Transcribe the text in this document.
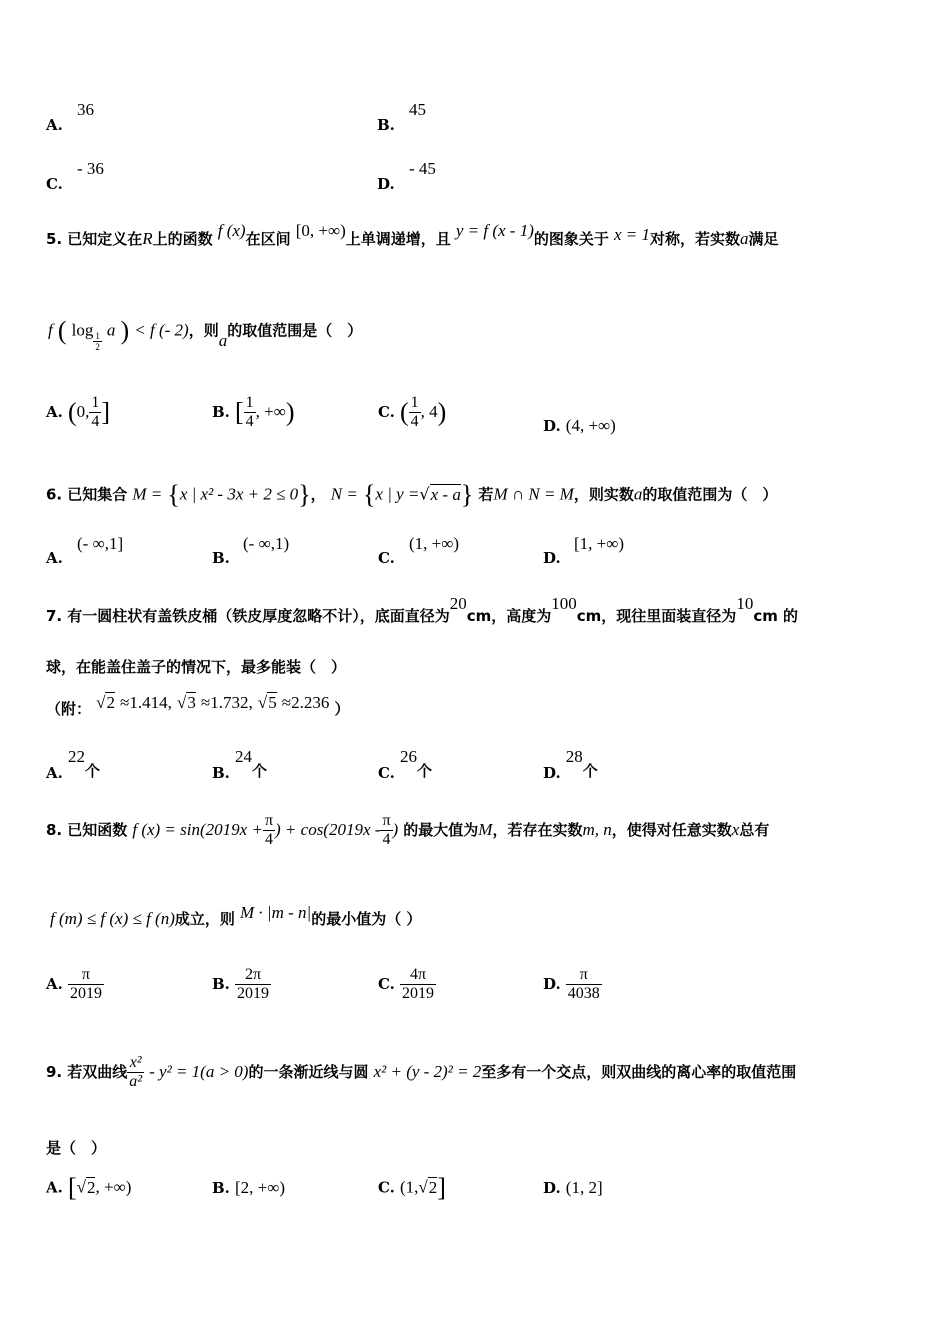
A.
36
B.
45
C.
- 36
D.
- 45
5. 已知定义在R上的函数 f (x)在区间 [0, +∞)上单调递增，且 y = f (x - 1)的图象关于 x = 1对称，若实数a满足
f ( log
$\frac{1}{2}$
a ) < f (- 2)，则a的取值范围是（　）
A. (0, $\frac{1}{4}$ ]	B. [ $\frac{1}{4}$ , +∞)	C. ( $\frac{1}{4}$ , 4)	D. (4, +∞)
6. 已知集合 M = {x | x² - 3x + 2 ≤ 0}， N = {x | y =√x - a} 若M ∩ N = M，则实数a的取值范围为（　）
A.
(- ∞,1]
B.
(- ∞,1)
C.
(1, +∞)
D.
[1, +∞)
7. 有一圆柱状有盖铁皮桶（铁皮厚度忽略不计），底面直径为20cm，高度为100cm，现往里面装直径为10cm 的
球，在能盖住盖子的情况下，最多能装（　）
（附： √2 ≈1.414, √3 ≈1.732, √5 ≈2.236 ）
A. 22个	B. 24个	C. 26个	D. 28个
8. 已知函数 f $(x) = \sin(2019x + \frac{\pi}{4}$ ) + $\cos(2019x - \frac{\pi}{4}$ ) 的最大值为M，若存在实数m, n，使得对任意实数x总有
f (m) ≤ f (x) ≤ f (n)成立，则 M · |m - n|的最小值为（ ）
A. $\frac{\pi}{2019}$	B. $\frac{2\pi}{2019}$	C. $\frac{4\pi}{2019}$	D. $\frac{\pi}{4038}$
9. 若双曲线 $\frac{\text{x²}}{\text{a²}} - y^2 = 1(a > 0)$的一条渐近线与圆 x² + (y - 2)² = 2至多有一个交点，则双曲线的离心率的取值范围
是（　）
A. [√2, +∞)	B. [2, +∞)	C. (1,√2]	D. (1, 2]
